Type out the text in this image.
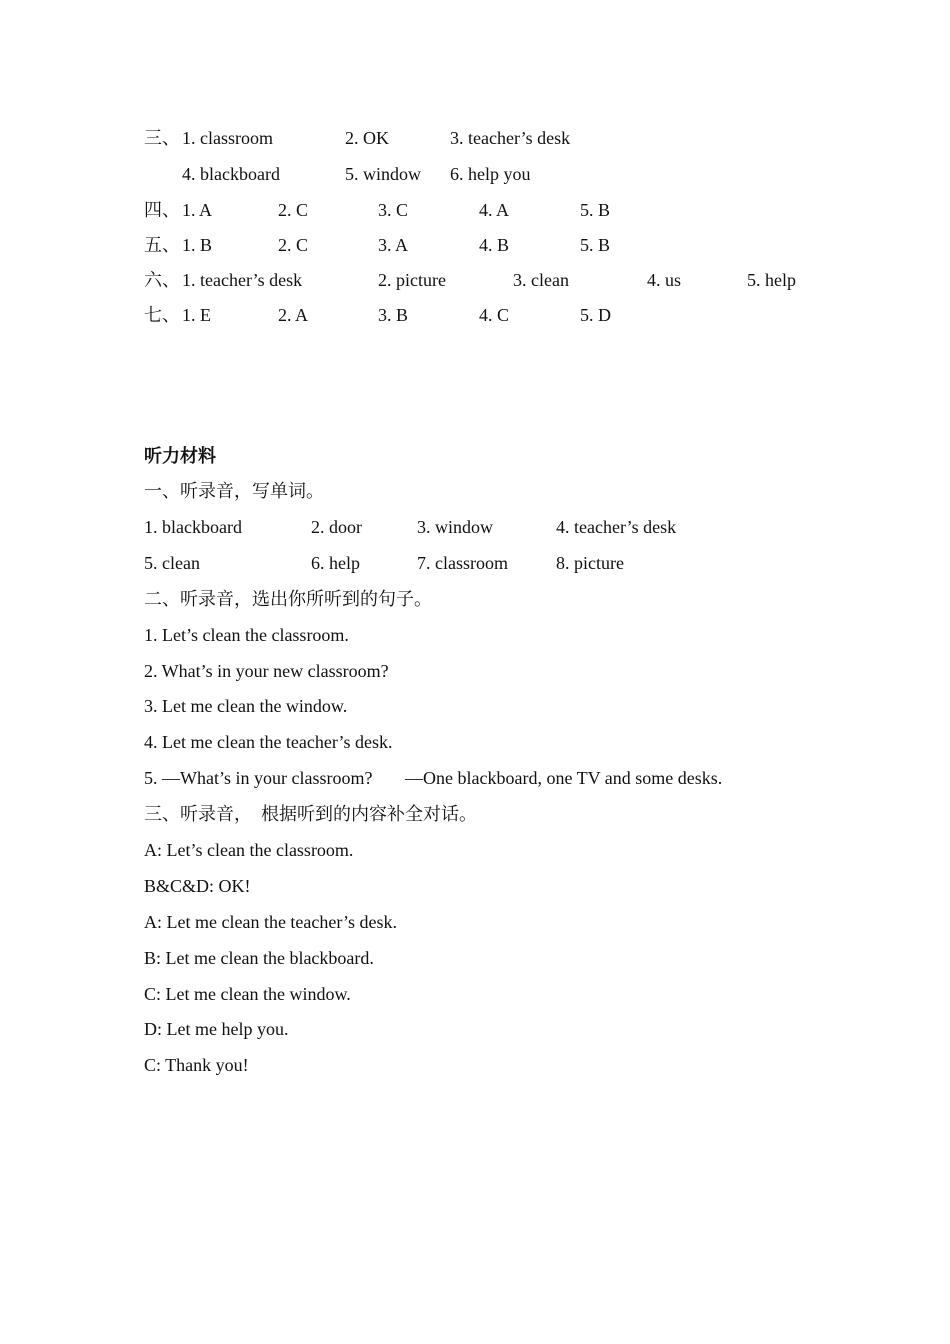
三、 1. classroom	2. OK	3. teacher’s desk
4. blackboard	5. window 6. help you
四、 1. A	2. C	3. C	4. A	5. B
五、 1. B	2. C	3. A	4. B	5. B
六、 1. teacher’s desk	2. picture	3. clean	4. us	5. help
七、 1. E	2. A	3. B	4. C	5. D
听力材料
一、听录音，写单词。
1. blackboard	2. door	3. window	4. teacher’s desk
5. clean	6. help	7. classroom	8. picture
二、听录音，选出你所听到的句子。
1. Let’s clean the classroom.
2. What’s in your new classroom?
3. Let me clean the window.
4. Let me clean the teacher’s desk.
5. —What’s in your classroom? —One blackboard, one TV and some desks.
三、听录音，　根据听到的内容补全对话。
A: Let’s clean the classroom.
B&C&D: OK!
A: Let me clean the teacher’s desk.
B: Let me clean the blackboard.
C: Let me clean the window.
D: Let me help you.
C: Thank you!
